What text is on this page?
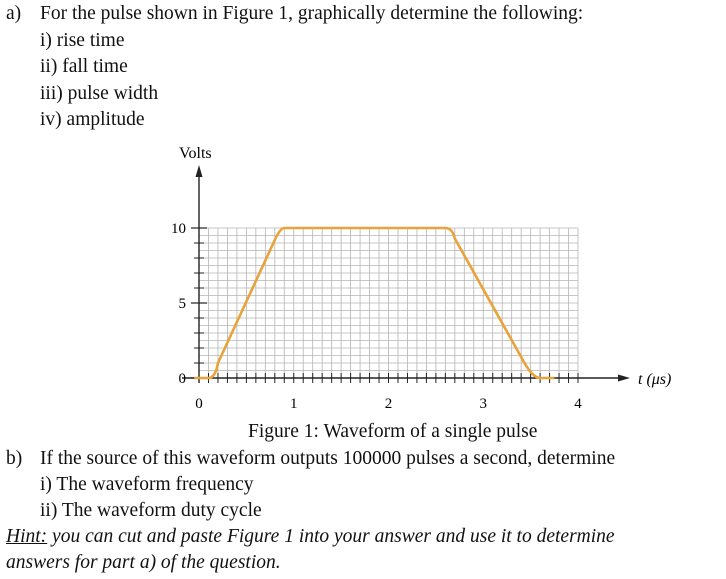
a) For the pulse shown in Figure 1, graphically determine the following:
i) rise time
ii) fall time
iii) pulse width
iv) amplitude
0
5
10
0	1	2	3	4
Volts
t (μs)
Figure 1: Waveform of a single pulse
b) If the source of this waveform outputs 100000 pulses a second, determine
i) The waveform frequency
ii) The waveform duty cycle
Hint: you can cut and paste Figure 1 into your answer and use it to determine
answers for part a) of the question.
